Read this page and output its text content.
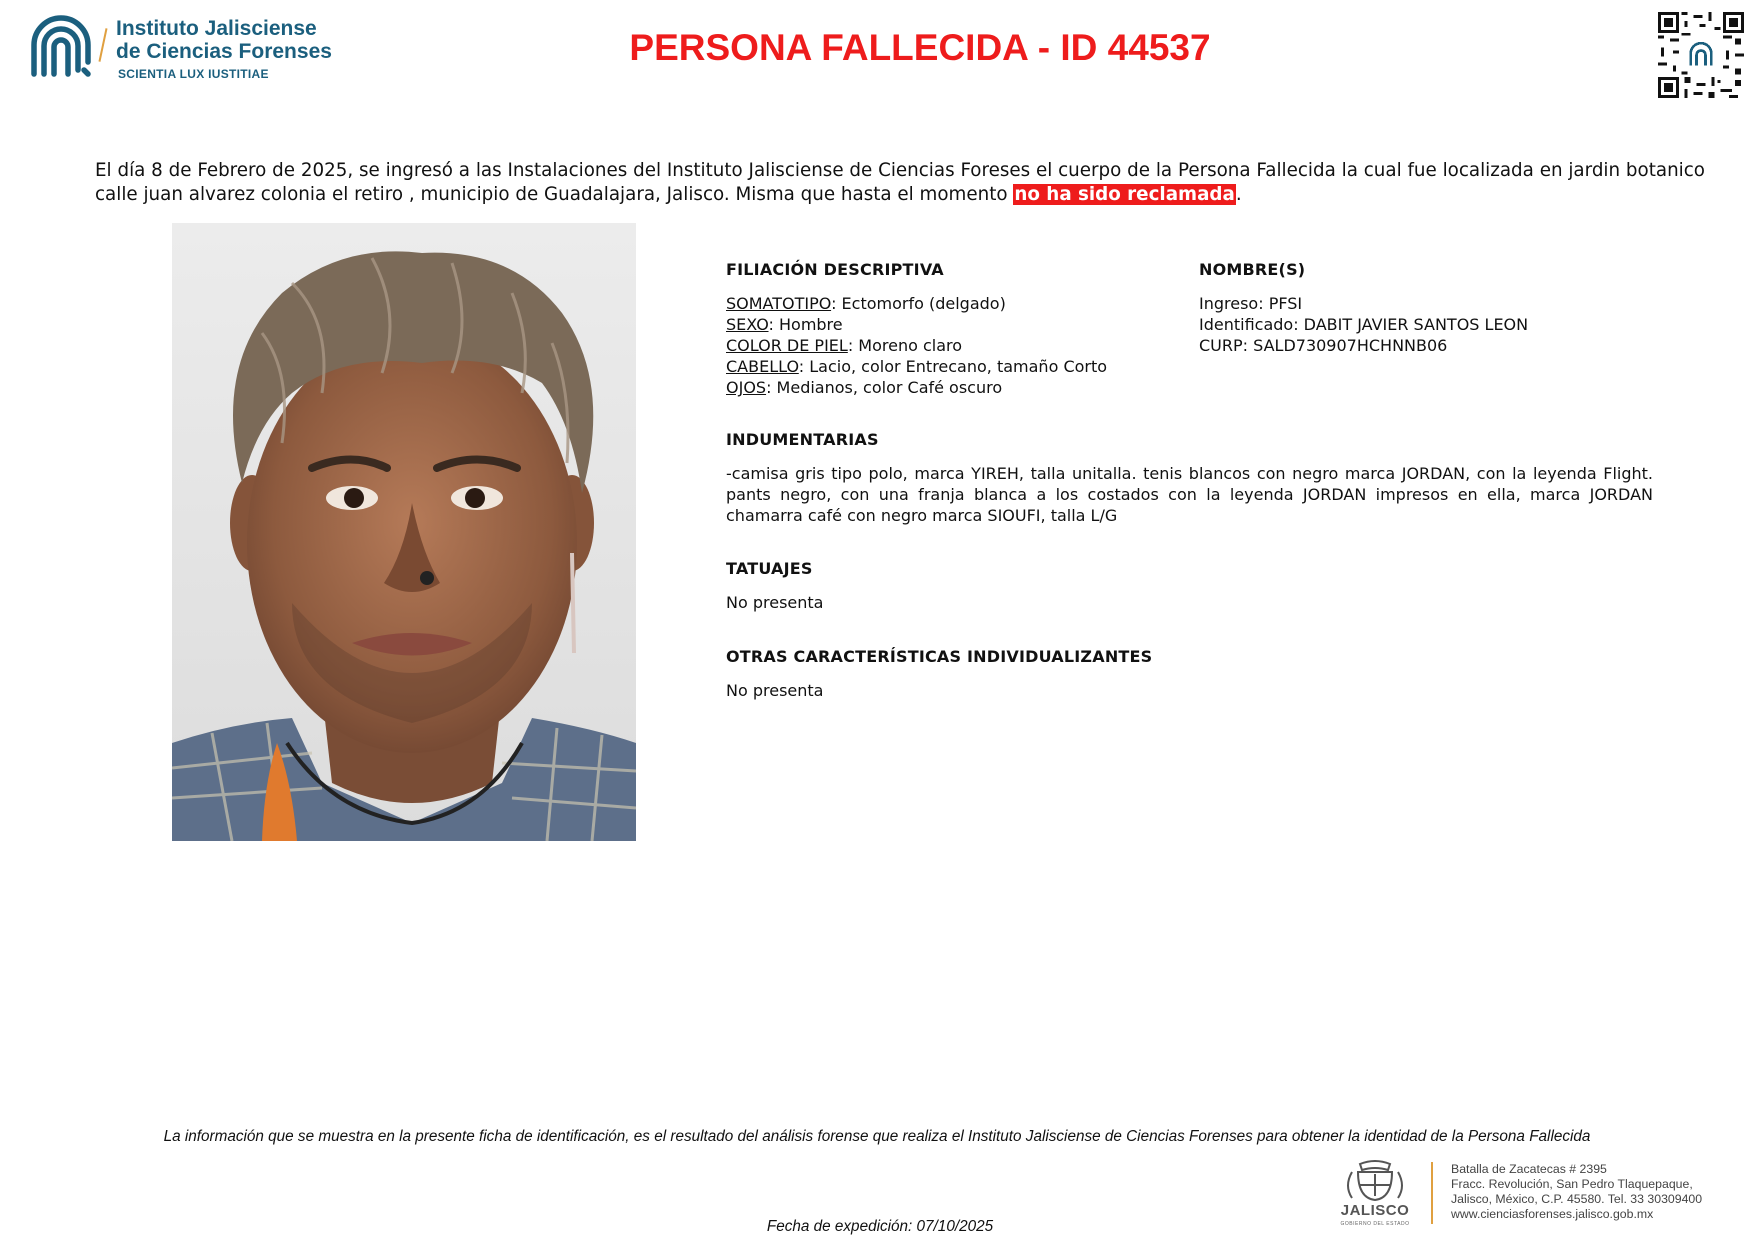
Instituto Jalisciense
de Ciencias Forenses
SCIENTIA LUX IUSTITIAE
PERSONA FALLECIDA - ID 44537
El día 8 de Febrero de 2025, se ingresó a las Instalaciones del Instituto Jalisciense de Ciencias Foreses el cuerpo de la Persona Fallecida la cual fue localizada en jardin botanico calle juan alvarez colonia el retiro , municipio de Guadalajara, Jalisco. Misma que hasta el momento no ha sido reclamada.
FILIACIÓN DESCRIPTIVA
SOMATOTIPO: Ectomorfo (delgado)
SEXO: Hombre
COLOR DE PIEL: Moreno claro
CABELLO: Lacio, color Entrecano, tamaño Corto
OJOS: Medianos, color Café oscuro
NOMBRE(S)
Ingreso: PFSI
Identificado: DABIT JAVIER SANTOS LEON
CURP: SALD730907HCHNNB06
INDUMENTARIAS
-camisa gris tipo polo, marca YIREH, talla unitalla. tenis blancos con negro marca JORDAN, con la leyenda Flight. pants negro, con una franja blanca a los costados con la leyenda JORDAN impresos en ella, marca JORDAN chamarra café con negro marca SIOUFI, talla L/G
TATUAJES
No presenta
OTRAS CARACTERÍSTICAS INDIVIDUALIZANTES
No presenta
La información que se muestra en la presente ficha de identificación, es el resultado del análisis forense que realiza el Instituto Jalisciense de Ciencias Forenses para obtener la identidad de la Persona Fallecida
JALISCO
GOBIERNO DEL ESTADO
Batalla de Zacatecas # 2395
Fracc. Revolución, San Pedro Tlaquepaque,
Jalisco, México, C.P. 45580. Tel. 33 30309400
www.cienciasforenses.jalisco.gob.mx
Fecha de expedición: 07/10/2025
